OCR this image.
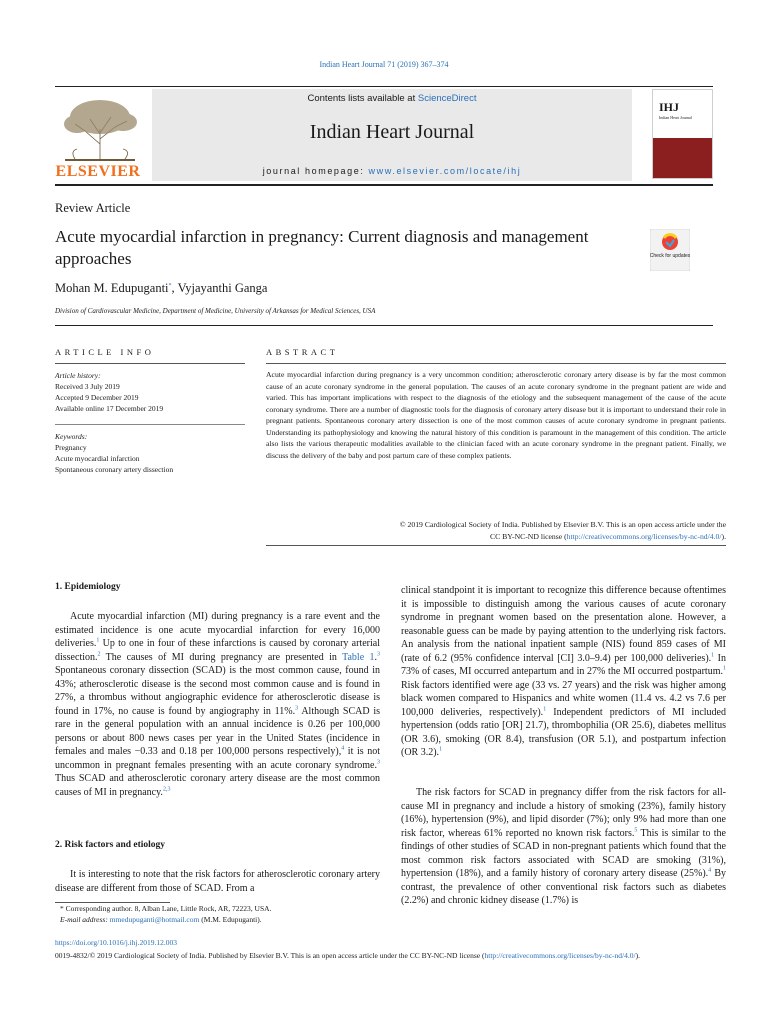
Indian Heart Journal 71 (2019) 367–374
ELSEVIER
Contents lists available at ScienceDirect
Indian Heart Journal
journal homepage: www.elsevier.com/locate/ihj
IHJ
Indian Heart Journal
Review Article
Acute myocardial infarction in pregnancy: Current diagnosis and management approaches	Check for updates
Mohan M. Edupuganti*, Vyjayanthi Ganga
Division of Cardiovascular Medicine, Department of Medicine, University of Arkansas for Medical Sciences, USA
ARTICLE INFO
Article history:
Received 3 July 2019
Accepted 9 December 2019
Available online 17 December 2019
Keywords:
Pregnancy
Acute myocardial infarction
Spontaneous coronary artery dissection
ABSTRACT
Acute myocardial infarction during pregnancy is a very uncommon condition; atherosclerotic coronary artery disease is by far the most common cause of an acute coronary syndrome in the general population. The causes of an acute coronary syndrome in the pregnant patient are wide and varied. This has important implications with respect to the diagnosis of the etiology and the subsequent management of the cause of the acute coronary syndrome. There are a number of diagnostic tools for the diagnosis of coronary artery disease but it is important to understand their role in pregnant patients. Spontaneous coronary artery dissection is one of the most common causes of acute coronary syndrome in pregnant patients. Understanding its pathophysiology and knowing the natural history of this condition is paramount in the management of this condition. The article also lists the various therapeutic modalities available to the clinician faced with an acute coronary syndrome in the pregnant patient. Finally, we discuss the delivery of the baby and post partum care of these complex patients.
© 2019 Cardiological Society of India. Published by Elsevier B.V. This is an open access article under the
CC BY-NC-ND license (http://creativecommons.org/licenses/by-nc-nd/4.0/).
1. Epidemiology
Acute myocardial infarction (MI) during pregnancy is a rare event and the estimated incidence is one acute myocardial infarction for every 16,000 deliveries.$^1$ Up to one in four of these infarctions is caused by coronary arterial dissection.$^2$ The causes of MI during pregnancy are presented in Table 1.$^3$ Spontaneous coronary dissection (SCAD) is the most common cause, found in 43%; atherosclerotic disease is the second most common cause and is found in 27%, a thrombus without angiographic evidence for atherosclerotic disease is found in 17%, no cause is found by angiography in 11%.$^3$ Although SCAD is rare in the general population with an annual incidence is 0.26 per 100,000 persons or about 800 news cases per year in the United States (incidence in females and males −0.33 and 0.18 per 100,000 persons respectively),$^4$ it is not uncommon in pregnant females presenting with an acute coronary syndrome.$^3$ Thus SCAD and atherosclerotic coronary artery disease are the most common causes of MI in pregnancy.$^{2,3}$
2. Risk factors and etiology
It is interesting to note that the risk factors for atherosclerotic coronary artery disease are different from those of SCAD. From a
* Corresponding author. 8, Alban Lane, Little Rock, AR, 72223, USA.
E-mail address: mmedupuganti@hotmail.com (M.M. Edupuganti).
clinical standpoint it is important to recognize this difference because oftentimes it is impossible to distinguish among the various causes of acute coronary syndrome in pregnant women based on the presentation alone. However, a reasonable guess can be made by paying attention to the underlying risk factors. An analysis from the national inpatient sample (NIS) found 859 cases of MI (rate of 6.2 (95% confidence interval [CI] 3.0–9.4) per 100,000 deliveries).$^1$ In 73% of cases, MI occurred antepartum and in 27% the MI occurred postpartum.$^1$ Risk factors identified were age (33 vs. 27 years) and the risk was higher among black women compared to Hispanics and white women (11.4 vs. 4.2 vs 7.6 per 100,000 deliveries, respectively).$^1$ Independent predictors of MI included hypertension (odds ratio [OR] 21.7), thrombophilia (OR 25.6), diabetes mellitus (OR 3.6), smoking (OR 8.4), transfusion (OR 5.1), and postpartum infection (OR 3.2).$^1$
The risk factors for SCAD in pregnancy differ from the risk factors for all-cause MI in pregnancy and include a history of smoking (23%), family history (16%), hypertension (9%), and lipid disorder (7%); only 9% had more than one risk factor, whereas 61% reported no known risk factors.$^5$ This is similar to the findings of other studies of SCAD in non-pregnant patients which found that the most common risk factors associated with SCAD are smoking (31%), hypertension (18%), and a family history of coronary artery disease (25%).$^4$ By contrast, the prevalence of other conventional risk factors such as diabetes (2.2%) and chronic kidney disease (1.7%) is
https://doi.org/10.1016/j.ihj.2019.12.003
0019-4832/© 2019 Cardiological Society of India. Published by Elsevier B.V. This is an open access article under the CC BY-NC-ND license (http://creativecommons.org/licenses/by-nc-nd/4.0/).
